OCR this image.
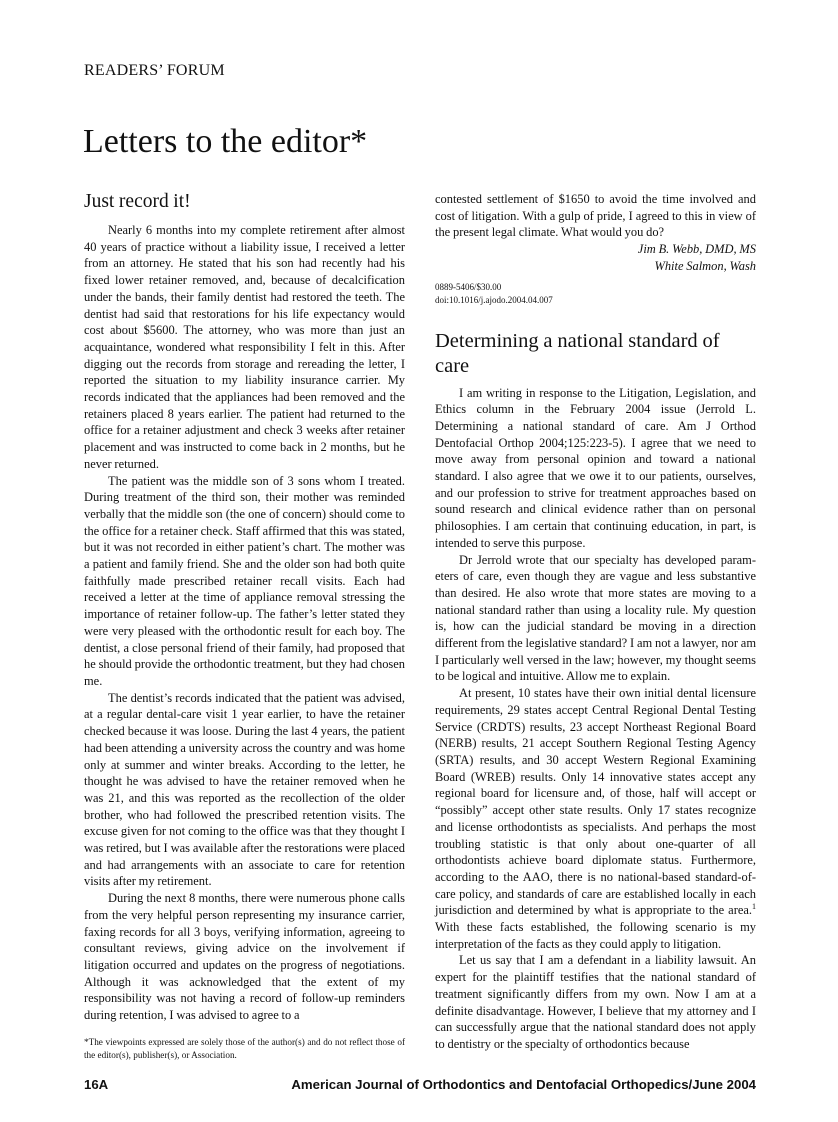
READERS’ FORUM
Letters to the editor*
Just record it!

Nearly 6 months into my complete retirement after almost 40 years of practice without a liability issue, I received a letter from an attorney. He stated that his son had recently had his fixed lower retainer removed, and, because of decalcification under the bands, their family dentist had restored the teeth. The dentist had said that restorations for his life expectancy would cost about $5600. The attorney, who was more than just an acquaintance, wondered what responsibility I felt in this. After digging out the records from storage and rereading the letter, I reported the situation to my liability insurance carrier. My records indicated that the appliances had been removed and the retainers placed 8 years earlier. The patient had returned to the office for a retainer adjustment and check 3 weeks after retainer placement and was instructed to come back in 2 months, but he never returned.

The patient was the middle son of 3 sons whom I treated. During treatment of the third son, their mother was reminded verbally that the middle son (the one of concern) should come to the office for a retainer check. Staff affirmed that this was stated, but it was not recorded in either patient’s chart. The mother was a patient and family friend. She and the older son had both quite faithfully made prescribed retainer recall visits. Each had received a letter at the time of appliance removal stressing the importance of retainer follow-up. The father’s letter stated they were very pleased with the orthodontic result for each boy. The dentist, a close personal friend of their family, had proposed that he should provide the orthodontic treatment, but they had chosen me.

The dentist’s records indicated that the patient was advised, at a regular dental-care visit 1 year earlier, to have the retainer checked because it was loose. During the last 4 years, the patient had been attending a university across the country and was home only at summer and winter breaks. According to the letter, he thought he was advised to have the retainer removed when he was 21, and this was reported as the recollection of the older brother, who had followed the prescribed retention visits. The excuse given for not coming to the office was that they thought I was retired, but I was available after the restorations were placed and had arrangements with an associate to care for retention visits after my retirement.

During the next 8 months, there were numerous phone calls from the very helpful person representing my insurance carrier, faxing records for all 3 boys, verifying information, agreeing to consultant reviews, giving advice on the involvement if litigation occurred and updates on the progress of negotiations. Although it was acknowledged that the extent of my responsibility was not having a record of follow-up reminders during retention, I was advised to agree to a

*The viewpoints expressed are solely those of the author(s) and do not reflect those of the editor(s), publisher(s), or Association.

contested settlement of $1650 to avoid the time involved and cost of litigation. With a gulp of pride, I agreed to this in view of the present legal climate. What would you do?

Jim B. Webb, DMD, MS
White Salmon, Wash
0889-5406/$30.00
doi:10.1016/j.ajodo.2004.04.007
Determining a national standard of care

I am writing in response to the Litigation, Legislation, and Ethics column in the February 2004 issue (Jerrold L. Determining a national standard of care. Am J Orthod Dentofacial Orthop 2004;125:223-5). I agree that we need to move away from personal opinion and toward a national standard. I also agree that we owe it to our patients, ourselves, and our profession to strive for treatment approaches based on sound research and clinical evidence rather than on personal philosophies. I am certain that continuing education, in part, is intended to serve this purpose.

Dr Jerrold wrote that our specialty has developed parameters of care, even though they are vague and less substantive than desired. He also wrote that more states are moving to a national standard rather than using a locality rule. My question is, how can the judicial standard be moving in a direction different from the legislative standard? I am not a lawyer, nor am I particularly well versed in the law; however, my thought seems to be logical and intuitive. Allow me to explain.

At present, 10 states have their own initial dental licensure requirements, 29 states accept Central Regional Dental Testing Service (CRDTS) results, 23 accept Northeast Regional Board (NERB) results, 21 accept Southern Regional Testing Agency (SRTA) results, and 30 accept Western Regional Examining Board (WREB) results. Only 14 innovative states accept any regional board for licensure and, of those, half will accept or “possibly” accept other state results. Only 17 states recognize and license orthodontists as specialists. And perhaps the most troubling statistic is that only about one-quarter of all orthodontists achieve board diplomate status. Furthermore, according to the AAO, there is no national-based standard-of-care policy, and standards of care are established locally in each jurisdiction and determined by what is appropriate to the area.$^1$ With these facts established, the following scenario is my interpretation of the facts as they could apply to litigation.

Let us say that I am a defendant in a liability lawsuit. An expert for the plaintiff testifies that the national standard of treatment significantly differs from my own. Now I am at a definite disadvantage. However, I believe that my attorney and I can successfully argue that the national standard does not apply to dentistry or the specialty of orthodontics because

16A	American Journal of Orthodontics and Dentofacial Orthopedics/June 2004
